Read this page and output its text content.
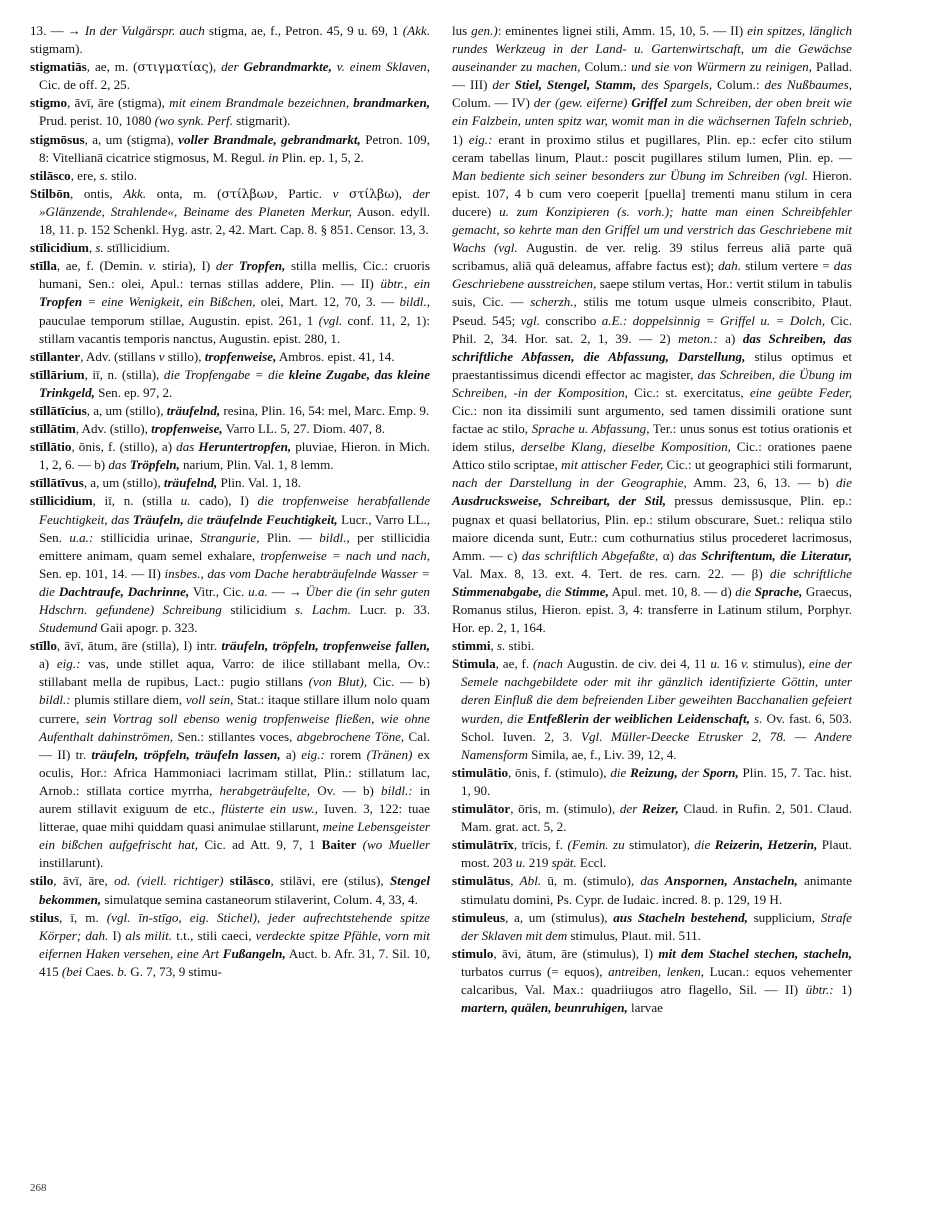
13. — → In der Vulgärspr. auch stigma, ae, f., Petron. 45, 9 u. 69, 1 (Akk. stigmam).

stigmatiās, ae, m. (στιγματίας), der Gebrandmarkte, v. einem Sklaven, Cic. de off. 2, 25.

stigmo, āvī, āre (stigma), mit einem Brandmale bezeichnen, brandmarken, Prud. perist. 10, 1080 (wo synk. Perf. stigmarit).

stigmōsus, a, um (stigma), voller Brandmale, gebrandmarkt, Petron. 109, 8: Vitellianā cicatrice stigmosus, M. Regul. in Plin. ep. 1, 5, 2.

stilāsco, ere, s. stilo.

Stilbōn, ontis, Akk. onta, m. (στίλβων, Partic. v στίλβω), der »Glänzende, Strahlende«, Beiname des Planeten Merkur, Auson. edyll. 18, 11. p. 152 Schenkl. Hyg. astr. 2, 42. Mart. Cap. 8. § 851. Censor. 13, 3.

stīlicidium, s. stīllicidium.

stīlla, ae, f. (Demin. v. stiria), I) der Tropfen, stilla mellis, Cic.: cruoris humani, Sen.: olei, Apul.: ternas stillas addere, Plin. — II) übtr., ein Tropfen = eine Wenigkeit, ein Bißchen, olei, Mart. 12, 70, 3. — bildl., pauculae temporum stillae, Augustin. epist. 261, 1 (vgl. conf. 11, 2, 1): stillam vacantis temporis nanctus, Augustin. epist. 280, 1.

stīllanter, Adv. (stillans v stillo), tropfenweise, Ambros. epist. 41, 14.

stīllārium, iī, n. (stilla), die Tropfengabe = die kleine Zugabe, das kleine Trinkgeld, Sen. ep. 97, 2.

stīllātīcius, a, um (stillo), träufelnd, resina, Plin. 16, 54: mel, Marc. Emp. 9.

stīllātim, Adv. (stillo), tropfenweise, Varro LL. 5, 27. Diom. 407, 8.

stīllātio, ōnis, f. (stillo), a) das Heruntertropfen, pluviae, Hieron. in Mich. 1, 2, 6. — b) das Tröpfeln, narium, Plin. Val. 1, 8 lemm.

stīllātīvus, a, um (stillo), träufelnd, Plin. Val. 1, 18.

stīllicidium, iī, n. (stilla u. cado), I) die tropfenweise herabfallende Feuchtigkeit, das Träufeln, die träufelnde Feuchtigkeit, Lucr., Varro LL., Sen. u.a.: stillicidia urinae, Strangurie, Plin. — bildl., per stillicidia emittere animam, quam semel exhalare, tropfenweise = nach und nach, Sen. ep. 101, 14. — II) insbes., das vom Dache herabträufelnde Wasser = die Dachtraufe, Dachrinne, Vitr., Cic. u.a. — → Über die (in sehr guten Hdschrn. gefundene) Schreibung stilicidium s. Lachm. Lucr. p. 33. Studemund Gaii apogr. p. 323.

stīllo, āvī, ātum, āre (stilla), I) intr. träufeln, tröpfeln, tropfenweise fallen, a) eig.: vas, unde stillet aqua, Varro: de ilice stillabant mella, Ov.: stillabant mella de rupibus, Lact.: pugio stillans (von Blut), Cic. — b) bildl.: plumis stillare diem, voll sein, Stat.: itaque stillare illum nolo quam currere, sein Vortrag soll ebenso wenig tropfenweise fließen, wie ohne Aufenthalt dahinströmen, Sen.: stillantes voces, abgebrochene Töne, Cal. — II) tr. träufeln, tröpfeln, träufeln lassen, a) eig.: rorem (Tränen) ex oculis, Hor.: Africa Hammoniaci lacrimam stillat, Plin.: stillatum lac, Arnob.: stillata cortice myrrha, herabgeträufelte, Ov. — b) bildl.: in aurem stillavit exiguum de etc., flüsterte ein usw., Iuven. 3, 122: tuae litterae, quae mihi quiddam quasi animulae stillarunt, meine Lebensgeister ein bißchen aufgefrischt hat, Cic. ad Att. 9, 7, 1 Baiter (wo Mueller instillarunt).

stilo, āvī, āre, od. (viell. richtiger) stilāsco, stilāvi, ere (stilus), Stengel bekommen, simulatque semina castaneorum stilaverint, Colum. 4, 33, 4.

stilus, ī, m. (vgl. īn-stīgo, eig. Stichel), jeder aufrechtstehende spitze Körper; dah. I) als milit. t.t., stili caeci, verdeckte spitze Pfähle, vorn mit eifernen Haken versehen, eine Art Fußangeln, Auct. b. Afr. 31, 7. Sil. 10, 415 (bei Caes. b. G. 7, 73, 9 stimu-

lus gen.): eminentes lignei stili, Amm. 15, 10, 5. — II) ein spitzes, länglich rundes Werkzeug in der Land- u. Gartenwirtschaft, um die Gewächse auseinander zu machen, Colum.: und sie von Würmern zu reinigen, Pallad. — III) der Stiel, Stengel, Stamm, des Spargels, Colum.: des Nußbaumes, Colum. — IV) der (gew. eiferne) Griffel zum Schreiben, der oben breit wie ein Falzbein, unten spitz war, womit man in die wächsernen Tafeln schrieb, 1) eig.: erant in proximo stilus et pugillares, Plin. ep.: ecfer cito stilum ceram tabellas linum, Plaut.: poscit pugillares stilum lumen, Plin. ep. — Man bediente sich seiner besonders zur Übung im Schreiben (vgl. Hieron. epist. 107, 4 b cum vero coeperit [puella] trementi manu stilum in cera ducere) u. zum Konzipieren (s. vorh.); hatte man einen Schreibfehler gemacht, so kehrte man den Griffel um und verstrich das Geschriebene mit Wachs (vgl. Augustin. de ver. relig. 39 stilus ferreus aliā parte quā scribamus, aliā quā deleamus, affabre factus est); dah. stilum vertere = das Geschriebene ausstreichen, saepe stilum vertas, Hor.: vertit stilum in tabulis suis, Cic. — scherzh., stilis me totum usque ulmeis conscribito, Plaut. Pseud. 545; vgl. conscribo a.E.: doppelsinnig = Griffel u. = Dolch, Cic. Phil. 2, 34. Hor. sat. 2, 1, 39. — 2) meton.: a) das Schreiben, das schriftliche Abfassen, die Abfassung, Darstellung, stilus optimus et praestantissimus dicendi effector ac magister, das Schreiben, die Übung im Schreiben, -in der Komposition, Cic.: st. exercitatus, eine geübte Feder, Cic.: non ita dissimili sunt argumento, sed tamen dissimili oratione sunt factae ac stilo, Sprache u. Abfassung, Ter.: unus sonus est totius orationis et idem stilus, derselbe Klang, dieselbe Komposition, Cic.: orationes paene Attico stilo scriptae, mit attischer Feder, Cic.: ut geographici stili formarunt, nach der Darstellung in der Geographie, Amm. 23, 6, 13. — b) die Ausdrucksweise, Schreibart, der Stil, pressus demissusque, Plin. ep.: pugnax et quasi bellatorius, Plin. ep.: stilum obscurare, Suet.: reliqua stilo maiore dicenda sunt, Eutr.: cum cothurnatius stilus procederet lacrimosus, Amm. — c) das schriftlich Abgefaßte, α) das Schriftentum, die Literatur, Val. Max. 8, 13. ext. 4. Tert. de res. carn. 22. — β) die schriftliche Stimmenabgabe, die Stimme, Apul. met. 10, 8. — d) die Sprache, Graecus, Romanus stilus, Hieron. epist. 3, 4: transferre in Latinum stilum, Porphyr. Hor. ep. 2, 1, 164.

stimmi, s. stibi.

Stimula, ae, f. (nach Augustin. de civ. dei 4, 11 u. 16 v. stimulus), eine der Semele nachgebildete oder mit ihr gänzlich identifizierte Göttin, unter deren Einfluß die dem befreienden Liber geweihten Bacchanalien gefeiert wurden, die Entfeßlerin der weiblichen Leidenschaft, s. Ov. fast. 6, 503. Schol. Iuven. 2, 3. Vgl. Müller-Deecke Etrusker 2, 78. — Andere Namensform Simila, ae, f., Liv. 39, 12, 4.

stimulātio, ōnis, f. (stimulo), die Reizung, der Sporn, Plin. 15, 7. Tac. hist. 1, 90.

stimulātor, ōris, m. (stimulo), der Reizer, Claud. in Rufin. 2, 501. Claud. Mam. grat. act. 5, 2.

stimulātrīx, trīcis, f. (Femin. zu stimulator), die Reizerin, Hetzerin, Plaut. most. 203 u. 219 spät. Eccl.

stimulātus, Abl. ū, m. (stimulo), das Anspornen, Anstacheln, animante stimulatu domini, Ps. Cypr. de Iudaic. incred. 8. p. 129, 19 H.

stimuleus, a, um (stimulus), aus Stacheln bestehend, supplicium, Strafe der Sklaven mit dem stimulus, Plaut. mil. 511.

stimulo, āvi, ātum, āre (stimulus), I) mit dem Stachel stechen, stacheln, turbatos currus (= equos), antreiben, lenken, Lucan.: equos vehementer calcaribus, Val. Max.: quadriiugos atro flagello, Sil. — II) übtr.: 1) martern, quälen, beunruhigen, larvae

268
